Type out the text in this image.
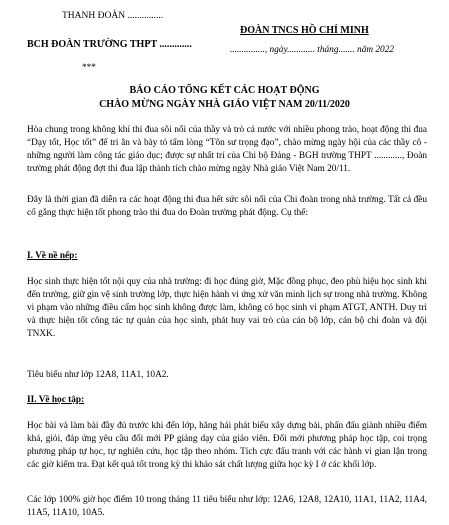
THANH ĐOÀN ...............
BCH ĐOÀN TRƯỜNG THPT .............
***
ĐOÀN TNCS HỒ CHÍ MINH
..............., ngày............ tháng....... năm 2022
BÁO CÁO TỔNG KẾT CÁC HOẠT ĐỘNG
CHÀO MỪNG NGÀY NHÀ GIÁO VIỆT NAM 20/11/2020
Hòa chung trong không khí thi đua sôi nổi của thầy và trò cả nước với nhiều phong trào, hoạt động thi đua “Dạy tốt, Học tốt” để tri ân và bày tỏ tấm lòng “Tôn sư trọng đạo”, chào mừng ngày hội của các thầy cô - những người làm công tác giáo dục; được sự nhất trí của Chi bộ Đảng - BGH trường THPT ............, Đoàn trường phát động đợt thi đua lập thành tích chào mừng ngày Nhà giáo Việt Nam 20/11.
Đây là thời gian đã diễn ra các hoạt động thi đua hết sức sôi nổi của Chi đoàn trong nhà trường. Tất cả đều cố gắng thực hiện tốt phong trào thi đua do Đoàn trường phát động. Cụ thể:
I. Về nề nếp:
Học sinh thực hiện tốt nội quy của nhà trường: đi học đúng giờ, Mặc đồng phục, đeo phù hiệu học sinh khi đến trường, giữ gìn vệ sinh trường lớp, thực hiện hành vi ứng xử văn minh lịch sự trong nhà trường. Không vi phạm vào những điều cấm học sinh không được làm, không có học sinh vi phạm ATGT, ANTH. Duy trì và thực hiện tốt công tác tự quản của học sinh, phát huy vai trò của cán bộ lớp, cán bộ chi đoàn và đội TNXK.
Tiêu biểu như lớp 12A8, 11A1, 10A2.
II. Về học tập:
Học bài và làm bài đầy đủ trước khi đến lớp, hăng hái phát biểu xây dựng bài, phấn đấu giành nhiều điểm khá, giỏi, đáp ứng yêu cầu đổi mới PP giảng dạy của giáo viên. Đổi mới phương pháp học tập, coi trọng phương pháp tự học, tự nghiên cứu, học tập theo nhóm. Tích cực đấu tranh với các hành vi gian lận trong các giờ kiểm tra. Đạt kết quả tốt trong kỳ thi khảo sát chất lượng giữa học kỳ I ở các khối lớp.
Các lớp 100% giờ học điểm 10 trong tháng 11 tiêu biểu như lớp: 12A6, 12A8, 12A10, 11A1, 11A2, 11A4, 11A5, 11A10, 10A5.
